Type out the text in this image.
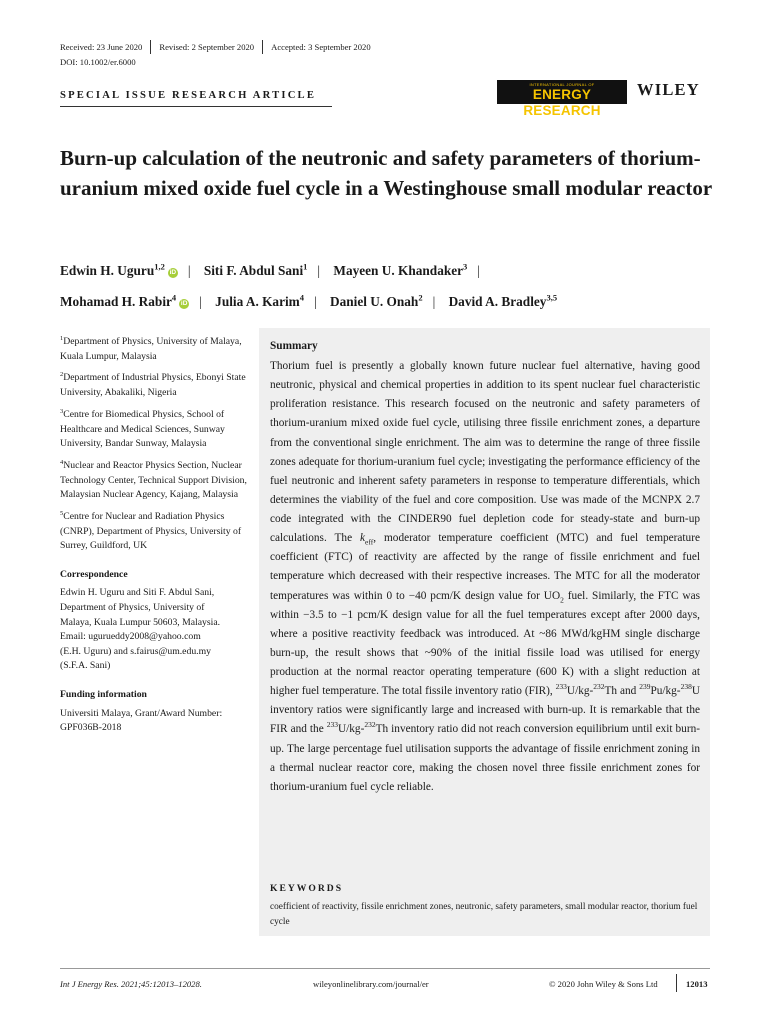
Received: 23 June 2020 Revised: 2 September 2020 Accepted: 3 September 2020
DOI: 10.1002/er.6000
SPECIAL ISSUE RESEARCH ARTICLE
INTERNATIONAL JOURNAL OF
ENERGY RESEARCH
WILEY
Burn-up calculation of the neutronic and safety parameters of thorium-uranium mixed oxide fuel cycle in a Westinghouse small modular reactor
Edwin H. Uguru$^{1,2}$iD | Siti F. Abdul Sani$^1$ | Mayeen U. Khandaker$^3$ |
Mohamad H. Rabir$^4$iD | Julia A. Karim$^4$ | Daniel U. Onah$^2$ | David A. Bradley$^{3,5}$

$^1$Department of Physics, University of Malaya, Kuala Lumpur, Malaysia

$^2$Department of Industrial Physics, Ebonyi State University, Abakaliki, Nigeria

$^3$Centre for Biomedical Physics, School of Healthcare and Medical Sciences, Sunway University, Bandar Sunway, Malaysia

$^4$Nuclear and Reactor Physics Section, Nuclear Technology Center, Technical Support Division, Malaysian Nuclear Agency, Kajang, Malaysia

$^5$Centre for Nuclear and Radiation Physics (CNRP), Department of Physics, University of Surrey, Guildford, UK

Correspondence

Edwin H. Uguru and Siti F. Abdul Sani,
Department of Physics, University of
Malaya, Kuala Lumpur 50603, Malaysia.
Email: ugurueddy2008@yahoo.com
(E.H. Uguru) and s.fairus@um.edu.my
(S.F.A. Sani)

Funding information

Universiti Malaya, Grant/Award Number:
GPF036B-2018

Summary
Thorium fuel is presently a globally known future nuclear fuel alternative, having good neutronic, physical and chemical properties in addition to its spent nuclear fuel characteristic proliferation resistance. This research focused on the neutronic and safety parameters of thorium-uranium mixed oxide fuel cycle, utilising three fissile enrichment zones, a departure from the conventional single enrichment. The aim was to determine the range of three fissile zones adequate for thorium-uranium fuel cycle; investigating the performance efficiency of the fuel neutronic and inherent safety parameters in response to temperature differentials, which determines the viability of the fuel and core composition. Use was made of the MCNPX 2.7 code integrated with the CINDER90 fuel depletion code for steady-state and burn-up calculations. The $k_{eff}$, moderator temperature coefficient (MTC) and fuel temperature coefficient (FTC) of reactivity are affected by the range of fissile enrichment and fuel temperature which decreased with their respective increases. The MTC for all the moderator temperatures was within 0 to −40 pcm/K design value for $UO_2$ fuel. Similarly, the FTC was within −3.5 to −1 pcm/K design value for all the fuel temperatures except after 2000 days, where a positive reactivity feedback was introduced. At ~86 MWd/kgHM single discharge burn-up, the result shows that ~90% of the initial fissile load was utilised for energy production at the normal reactor operating temperature (600 K) with a slight reduction at higher fuel temperature. The total fissile inventory ratio (FIR), $^{233}$U/kg-$^{232}$Th and $^{239}$Pu/kg-$^{238}$U inventory ratios were significantly large and increased with burn-up. It is remarkable that the FIR and the $^{233}$U/kg-$^{232}$Th inventory ratio did not reach conversion equilibrium until exit burn-up. The large percentage fuel utilisation supports the advantage of fissile enrichment zoning in a thermal nuclear reactor core, making the chosen novel three fissile enrichment zones for thorium-uranium fuel cycle reliable.
KEYWORDS
coefficient of reactivity, fissile enrichment zones, neutronic, safety parameters, small modular reactor, thorium fuel cycle
Int J Energy Res. 2021;45:12013–12028.	wileyonlinelibrary.com/journal/er	© 2020 John Wiley & Sons Ltd	12013
